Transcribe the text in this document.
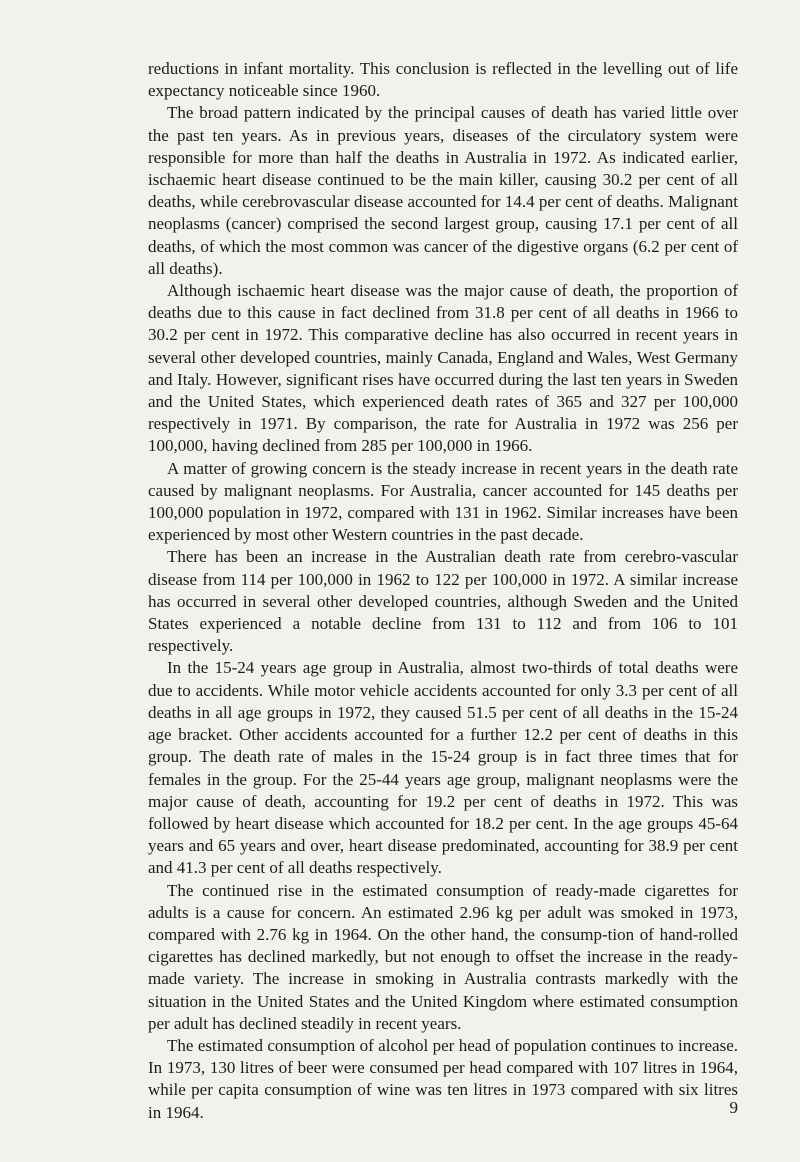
reductions in infant mortality. This conclusion is reflected in the levelling out of life expectancy noticeable since 1960.

The broad pattern indicated by the principal causes of death has varied little over the past ten years. As in previous years, diseases of the circulatory system were responsible for more than half the deaths in Australia in 1972. As indicated earlier, ischaemic heart disease continued to be the main killer, causing 30.2 per cent of all deaths, while cerebrovascular disease accounted for 14.4 per cent of deaths. Malignant neoplasms (cancer) comprised the second largest group, causing 17.1 per cent of all deaths, of which the most common was cancer of the digestive organs (6.2 per cent of all deaths).

Although ischaemic heart disease was the major cause of death, the proportion of deaths due to this cause in fact declined from 31.8 per cent of all deaths in 1966 to 30.2 per cent in 1972. This comparative decline has also occurred in recent years in several other developed countries, mainly Canada, England and Wales, West Germany and Italy. However, significant rises have occurred during the last ten years in Sweden and the United States, which experienced death rates of 365 and 327 per 100,000 respectively in 1971. By comparison, the rate for Australia in 1972 was 256 per 100,000, having declined from 285 per 100,000 in 1966.

A matter of growing concern is the steady increase in recent years in the death rate caused by malignant neoplasms. For Australia, cancer accounted for 145 deaths per 100,000 population in 1972, compared with 131 in 1962. Similar increases have been experienced by most other Western countries in the past decade.

There has been an increase in the Australian death rate from cerebro-vascular disease from 114 per 100,000 in 1962 to 122 per 100,000 in 1972. A similar increase has occurred in several other developed countries, although Sweden and the United States experienced a notable decline from 131 to 112 and from 106 to 101 respectively.

In the 15-24 years age group in Australia, almost two-thirds of total deaths were due to accidents. While motor vehicle accidents accounted for only 3.3 per cent of all deaths in all age groups in 1972, they caused 51.5 per cent of all deaths in the 15-24 age bracket. Other accidents accounted for a further 12.2 per cent of deaths in this group. The death rate of males in the 15-24 group is in fact three times that for females in the group. For the 25-44 years age group, malignant neoplasms were the major cause of death, accounting for 19.2 per cent of deaths in 1972. This was followed by heart disease which accounted for 18.2 per cent. In the age groups 45-64 years and 65 years and over, heart disease predominated, accounting for 38.9 per cent and 41.3 per cent of all deaths respectively.

The continued rise in the estimated consumption of ready-made cigarettes for adults is a cause for concern. An estimated 2.96 kg per adult was smoked in 1973, compared with 2.76 kg in 1964. On the other hand, the consump-tion of hand-rolled cigarettes has declined markedly, but not enough to offset the increase in the ready-made variety. The increase in smoking in Australia contrasts markedly with the situation in the United States and the United Kingdom where estimated consumption per adult has declined steadily in recent years.

The estimated consumption of alcohol per head of population continues to increase. In 1973, 130 litres of beer were consumed per head compared with 107 litres in 1964, while per capita consumption of wine was ten litres in 1973 compared with six litres in 1964.	9
